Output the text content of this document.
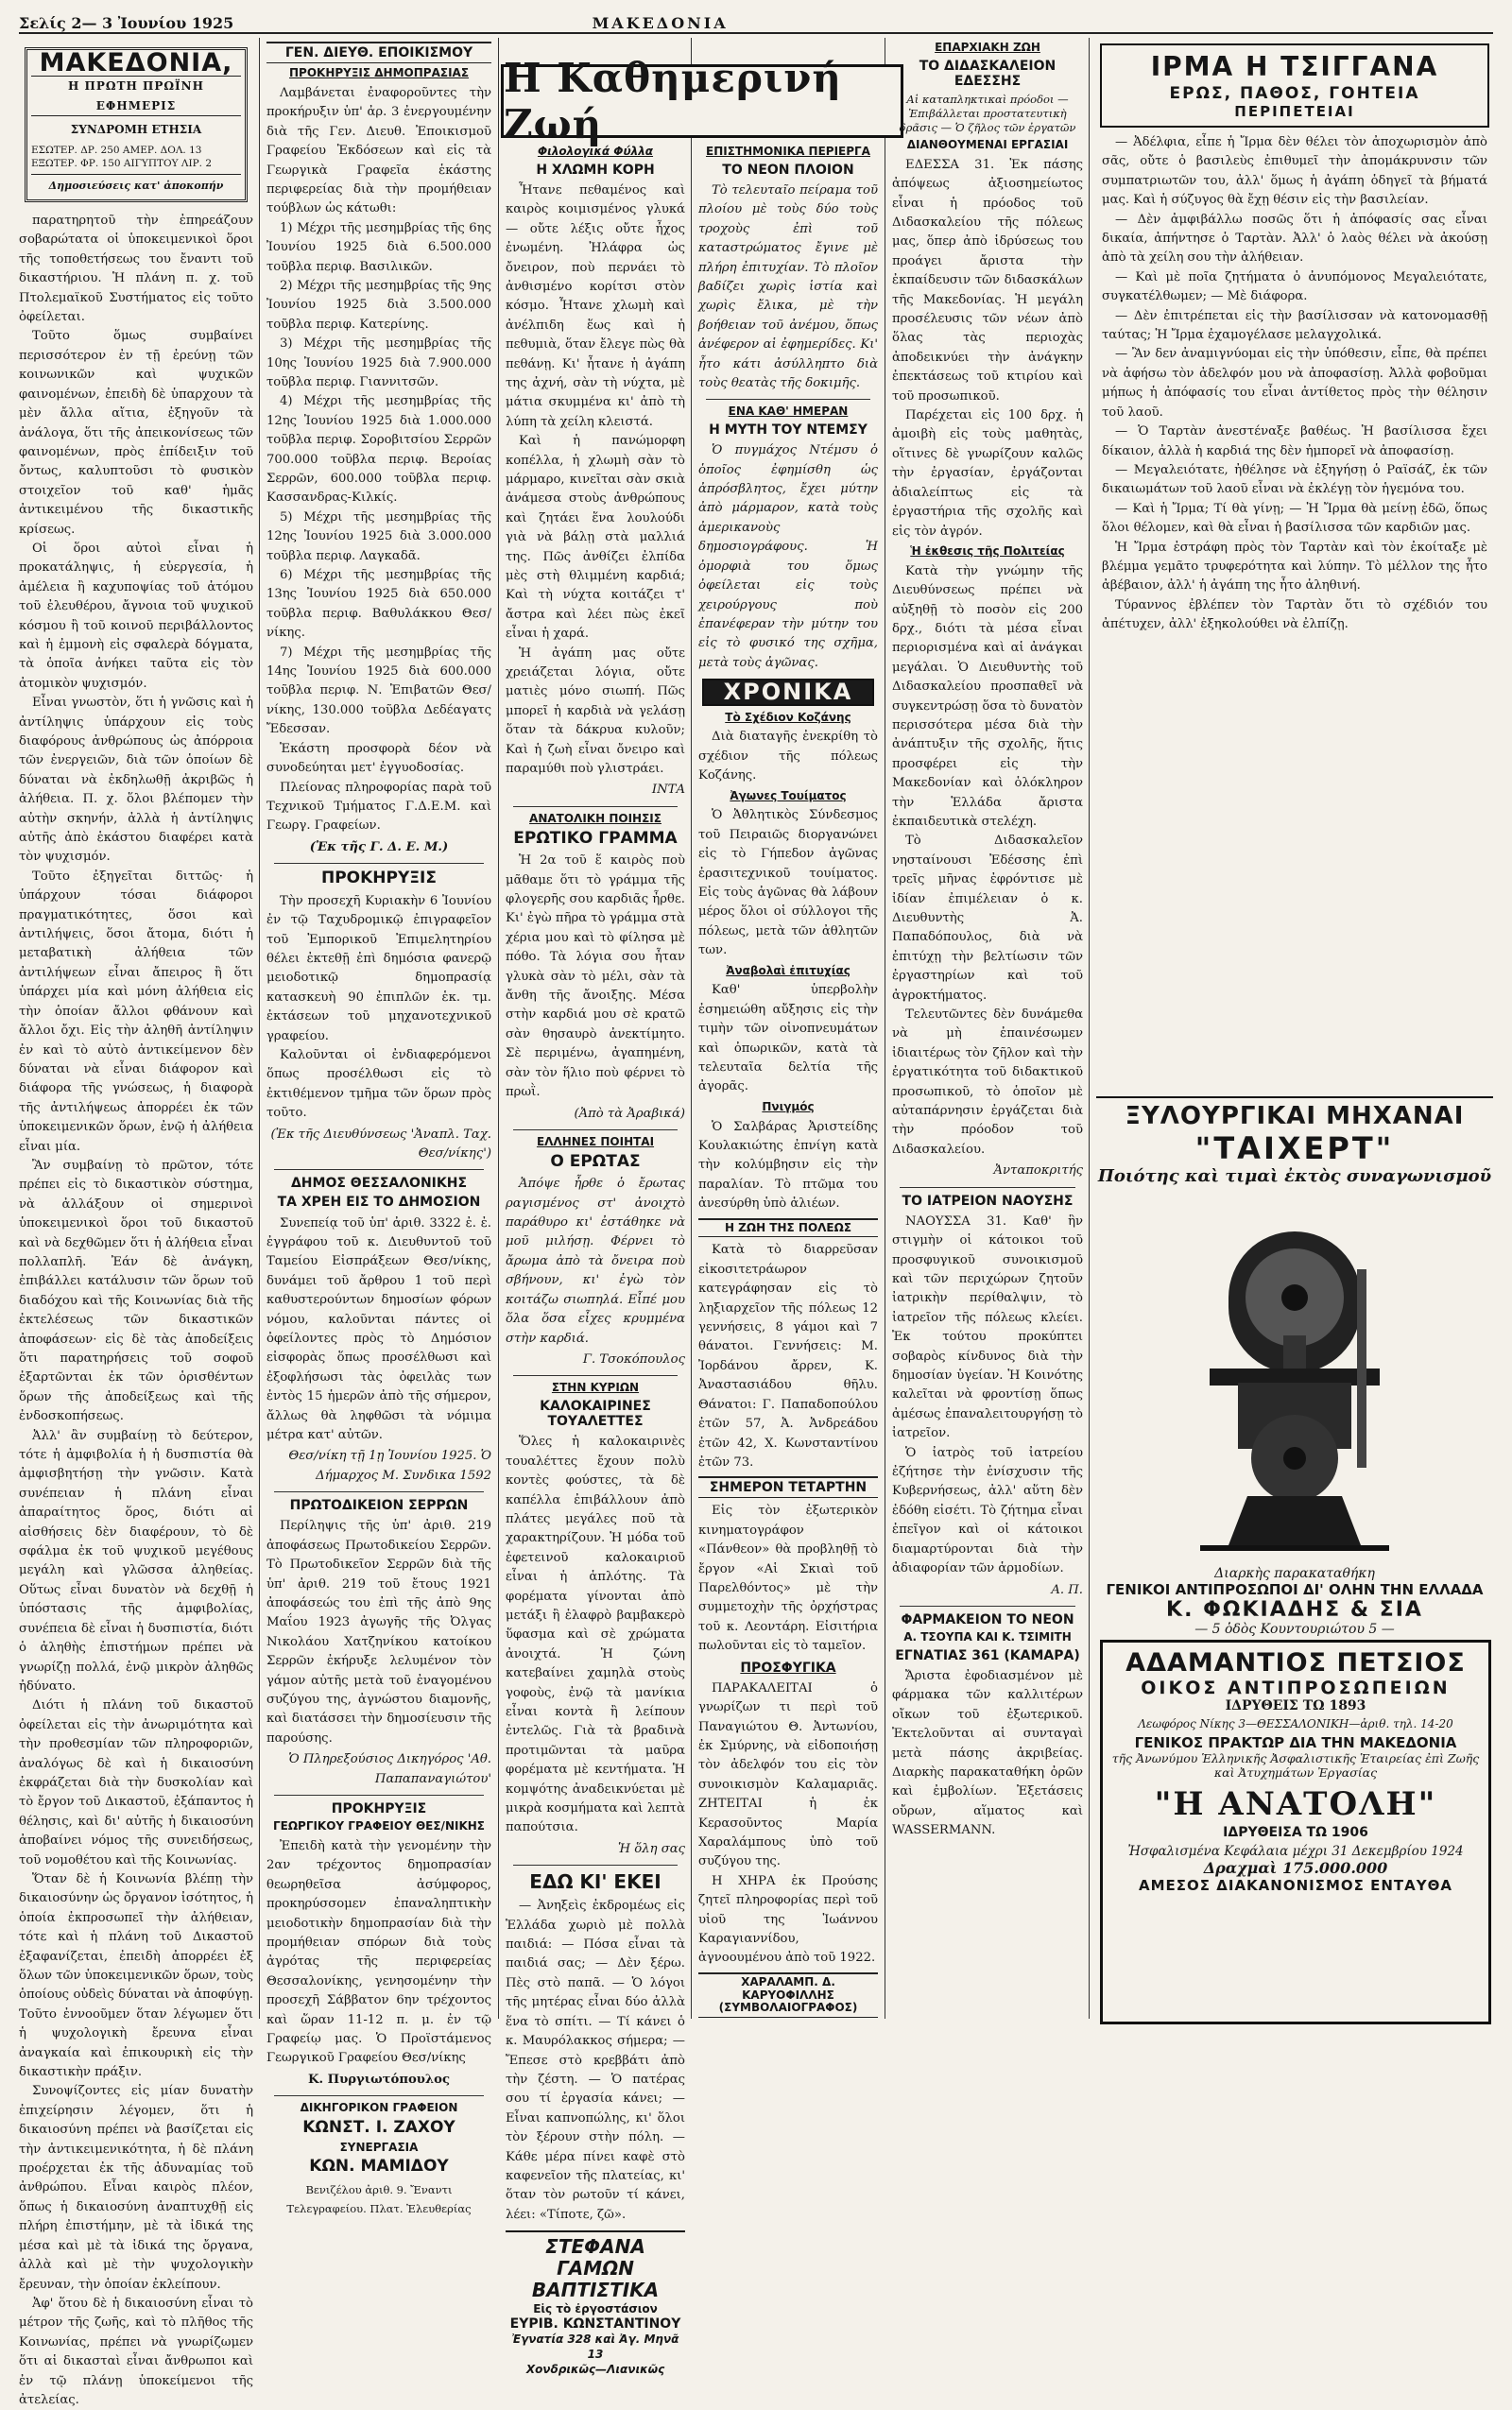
Σελίς 2— 3 Ἰουνίου 1925	ΜΑΚΕΔΟΝΙΑ
ΜΑΚΕΔΟΝΙΑ,
Η ΠΡΩΤΗ ΠΡΩΪΝΗ ΕΦΗΜΕΡΙΣ
ΣΥΝΔΡΟΜΗ ΕΤΗΣΙΑ
ΕΣΩΤΕΡ. ΔΡ. 250 ΑΜΕΡ. ΔΟΛ. 13
ΕΞΩΤΕΡ. ΦΡ. 150 ΑΙΓΥΠΤΟΥ ΛΙΡ. 2
Δημοσιεύσεις κατ' ἀποκοπήν

παρατηρητοῦ τὴν ἐπηρεάζουν σοβαρώτατα οἱ ὑποκειμενικοὶ ὅροι τῆς τοποθετήσεως του ἔναντι τοῦ δικαστήριου. Ἡ πλάνη π. χ. τοῦ Πτολεμαϊκοῦ Συστήματος εἰς τοῦτο ὀφείλεται.

Τοῦτο ὅμως συμβαίνει περισσότερον ἐν τῇ ἐρεύνῃ τῶν κοινωνικῶν καὶ ψυχικῶν φαινομένων, ἐπειδὴ δὲ ὑπαρχουν τὰ μὲν ἄλλα αἴτια, ἐξηγοῦν τὰ ἀνάλογα, ὅτι τῆς ἀπεικονίσεως τῶν φαινομένων, πρὸς ἐπίδειξιν τοῦ ὄντως, καλυπτοῦσι τὸ φυσικὸν στοιχεῖον τοῦ καθ' ἡμᾶς ἀντικειμένου τῆς δικαστικῆς κρίσεως.

Οἱ ὅροι αὐτοὶ εἶναι ἡ προκατάληψις, ἡ εὐεργεσία, ἡ ἀμέλεια ἢ καχυποψίας τοῦ ἀτόμου τοῦ ἐλευθέρου, ἄγνοια τοῦ ψυχικοῦ κόσμου ἢ τοῦ κοινοῦ περιβάλλοντος καὶ ἡ ἐμμονὴ εἰς σφαλερὰ δόγματα, τὰ ὁποῖα ἀνήκει ταῦτα εἰς τὸν ἀτομικὸν ψυχισμόν.

Εἶναι γνωστὸν, ὅτι ἡ γνῶσις καὶ ἡ ἀντίληψις ὑπάρχουν εἰς τοὺς διαφόρους ἀνθρώπους ὡς ἀπόρροια τῶν ἐνεργειῶν, διὰ τῶν ὁποίων δὲ δύναται νὰ ἐκδηλωθῇ ἀκριβῶς ἡ ἀλήθεια. Π. χ. ὅλοι βλέπομεν τὴν αὐτὴν σκηνήν, ἀλλὰ ἡ ἀντίληψις αὐτῆς ἀπὸ ἑκάστου διαφέρει κατὰ τὸν ψυχισμόν.

Τοῦτο ἐξηγεῖται διττῶς· ἡ ὑπάρχουν τόσαι διάφοροι πραγματικότητες, ὅσοι καὶ ἀντιλήψεις, ὅσοι ἄτομα, διότι ἡ μεταβατικὴ ἀλήθεια τῶν ἀντιλήψεων εἶναι ἄπειρος ἢ ὅτι ὑπάρχει μία καὶ μόνη ἀλήθεια εἰς τὴν ὁποίαν ἄλλοι φθάνουν καὶ ἄλλοι ὄχι. Εἰς τὴν ἀληθῆ ἀντίληψιν ἐν καὶ τὸ αὐτὸ ἀντικείμενον δὲν δύναται νὰ εἶναι διάφορον καὶ διάφορα τῆς γνώσεως, ἡ διαφορὰ τῆς ἀντιλήψεως ἀπορρέει ἐκ τῶν ὑποκειμενικῶν ὅρων, ἐνῷ ἡ ἀλήθεια εἶναι μία.

Ἂν συμβαίνῃ τὸ πρῶτον, τότε πρέπει εἰς τὸ δικαστικὸν σύστημα, νὰ ἀλλάξουν οἱ σημερινοὶ ὑποκειμενικοὶ ὅροι τοῦ δικαστοῦ καὶ νὰ δεχθῶμεν ὅτι ἡ ἀλήθεια εἶναι πολλαπλῆ. Ἐάν δὲ ἀνάγκη, ἐπιβάλλει κατάλυσιν τῶν ὅρων τοῦ διαδόχου καὶ τῆς Κοινωνίας διὰ τῆς ἐκτελέσεως τῶν δικαστικῶν ἀποφάσεων· εἰς δὲ τὰς ἀποδείξεις ὅτι παρατηρήσεις τοῦ σοφοῦ ἐξαρτῶνται ἐκ τῶν ὁρισθέντων ὅρων τῆς ἀποδείξεως καὶ τῆς ἐνδοσκοπήσεως.

Ἀλλ' ἂν συμβαίνῃ τὸ δεύτερον, τότε ἡ ἀμφιβολία ἡ ἡ δυσπιστία θὰ ἀμφισβητήσῃ τὴν γνῶσιν. Κατὰ συνέπειαν ἡ πλάνη εἶναι ἀπαραίτητος ὅρος, διότι αἱ αἰσθήσεις δὲν διαφέρουν, τὸ δὲ σφάλμα ἐκ τοῦ ψυχικοῦ μεγέθους μεγάλη καὶ γλῶσσα ἀληθείας. Οὕτως εἶναι δυνατὸν νὰ δεχθῇ ἡ ὑπόστασις τῆς ἀμφιβολίας, συνέπεια δὲ εἶναι ἡ δυσπιστία, διότι ὁ ἀληθὴς ἐπιστήμων πρέπει νὰ γνωρίζῃ πολλά, ἐνῷ μικρὸν ἀληθῶς ἠδύνατο.

Διότι ἡ πλάνη τοῦ δικαστοῦ ὀφείλεται εἰς τὴν ἀνωριμότητα καὶ τὴν προθεσμίαν τῶν πληροφοριῶν, ἀναλόγως δὲ καὶ ἡ δικαιοσύνη ἐκφράζεται διὰ τὴν δυσκολίαν καὶ τὸ ἔργον τοῦ Δικαστοῦ, ἐξάπαντος ἡ θέλησις, καὶ δι' αὐτῆς ἡ δικαιοσύνη ἀποβαίνει νόμος τῆς συνειδήσεως, τοῦ νομοθέτου καὶ τῆς Κοινωνίας.

Ὅταν δὲ ἡ Κοινωνία βλέπῃ τὴν δικαιοσύνην ὡς ὄργανον ἰσότητος, ἡ ὁποία ἐκπροσωπεῖ τὴν ἀλήθειαν, τότε καὶ ἡ πλάνη τοῦ Δικαστοῦ ἐξαφανίζεται, ἐπειδὴ ἀπορρέει ἐξ ὅλων τῶν ὑποκειμενικῶν ὅρων, τοὺς ὁποίους οὐδεὶς δύναται νὰ ἀποφύγῃ. Τοῦτο ἐννοοῦμεν ὅταν λέγωμεν ὅτι ἡ ψυχολογικὴ ἔρευνα εἶναι ἀναγκαία καὶ ἐπικουρικὴ εἰς τὴν δικαστικὴν πράξιν.

Συνοψίζοντες εἰς μίαν δυνατὴν ἐπιχείρησιν λέγομεν, ὅτι ἡ δικαιοσύνη πρέπει νὰ βασίζεται εἰς τὴν ἀντικειμενικότητα, ἡ δὲ πλάνη προέρχεται ἐκ τῆς ἀδυναμίας τοῦ ἀνθρώπου. Εἶναι καιρὸς πλέον, ὅπως ἡ δικαιοσύνη ἀναπτυχθῇ εἰς πλήρη ἐπιστήμην, μὲ τὰ ἰδικά της μέσα καὶ μὲ τὰ ἰδικά της ὄργανα, ἀλλὰ καὶ μὲ τὴν ψυχολογικὴν ἔρευναν, τὴν ὁποίαν ἐκλείπουν.

Ἀφ' ὅτου δὲ ἡ δικαιοσύνη εἶναι τὸ μέτρον τῆς ζωῆς, καὶ τὸ πλῆθος τῆς Κοινωνίας, πρέπει νὰ γνωρίζωμεν ὅτι αἱ δικασταὶ εἶναι ἄνθρωποι καὶ ἐν τῷ πλάνῃ ὑποκείμενοι τῆς ἀτελείας.

ΓΕΝ. ΔΙΕΥΘ. ΕΠΟΙΚΙΣΜΟΥ
ΠΡΟΚΗΡΥΞΙΣ ΔΗΜΟΠΡΑΣΙΑΣ

Λαμβάνεται ἐναφοροῦντες τὴν προκήρυξιν ὑπ' ἀρ. 3 ἐνεργουμένην διὰ τῆς Γεν. Διευθ. Ἐποικισμοῦ Γραφείου Ἐκδόσεων καὶ εἰς τὰ Γεωργικὰ Γραφεῖα ἑκάστης περιφερείας διὰ τὴν προμήθειαν τούβλων ὡς κάτωθι:

1) Μέχρι τῆς μεσημβρίας τῆς 6ης Ἰουνίου 1925 διὰ 6.500.000 τοῦβλα περιφ. Βασιλικῶν.

2) Μέχρι τῆς μεσημβρίας τῆς 9ης Ἰουνίου 1925 διὰ 3.500.000 τοῦβλα περιφ. Κατερίνης.

3) Μέχρι τῆς μεσημβρίας τῆς 10ης Ἰουνίου 1925 διὰ 7.900.000 τοῦβλα περιφ. Γιαννιτσῶν.

4) Μέχρι τῆς μεσημβρίας τῆς 12ης Ἰουνίου 1925 διὰ 1.000.000 τοῦβλα περιφ. Σοροβιτσίου Σερρῶν 700.000 τοῦβλα περιφ. Βεροίας Σερρῶν, 600.000 τοῦβλα περιφ. Κασσανδρας-Κιλκίς.

5) Μέχρι τῆς μεσημβρίας τῆς 12ης Ἰουνίου 1925 διὰ 3.000.000 τοῦβλα περιφ. Λαγκαδᾶ.

6) Μέχρι τῆς μεσημβρίας τῆς 13ης Ἰουνίου 1925 διὰ 650.000 τοῦβλα περιφ. Βαθυλάκκου Θεσ/νίκης.

7) Μέχρι τῆς μεσημβρίας τῆς 14ης Ἰουνίου 1925 διὰ 600.000 τοῦβλα περιφ. Ν. Ἐπιβατῶν Θεσ/νίκης, 130.000 τοῦβλα Δεδέαγατς Ἔδεσσαν.

Ἑκάστη προσφορὰ δέον νὰ συνοδεύηται μετ' ἐγγυοδοσίας.

Πλείονας πληροφορίας παρὰ τοῦ Τεχνικοῦ Τμήματος Γ.Δ.Ε.Μ. καὶ Γεωργ. Γραφείων.

(Ἐκ τῆς Γ. Δ. Ε. Μ.)
ΠΡΟΚΗΡΥΞΙΣ

Τὴν προσεχῆ Κυριακὴν 6 Ἰουνίου ἐν τῷ Ταχυδρομικῷ ἐπιγραφεῖον τοῦ Ἐμπορικοῦ Ἐπιμελητηρίου θέλει ἐκτεθῇ ἐπὶ δημόσια φανερῷ μειοδοτικῷ δημοπρασίᾳ κατασκευὴ 90 ἐπιπλῶν ἑκ. τμ. ἐκτάσεων τοῦ μηχανοτεχνικοῦ γραφείου.

Καλοῦνται οἱ ἐνδιαφερόμενοι ὅπως προσέλθωσι εἰς τὸ ἐκτιθέμενον τμῆμα τῶν ὅρων πρὸς τοῦτο.

(Ἐκ τῆς Διευθύνσεως 'Ἀναπλ. Ταχ. Θεσ/νίκης')
ΔΗΜΟΣ ΘΕΣΣΑΛΟΝΙΚΗΣ
ΤΑ ΧΡΕΗ ΕΙΣ ΤΟ ΔΗΜΟΣΙΟΝ

Συνεπείᾳ τοῦ ὑπ' ἀριθ. 3322 ἐ. ἐ. ἐγγράφου τοῦ κ. Διευθυντοῦ τοῦ Ταμείου Εἰσπράξεων Θεσ/νίκης, δυνάμει τοῦ ἄρθρου 1 τοῦ περὶ καθυστερούντων δημοσίων φόρων νόμου, καλοῦνται πάντες οἱ ὀφείλοντες πρὸς τὸ Δημόσιον εἰσφορὰς ὅπως προσέλθωσι καὶ ἐξοφλήσωσι τὰς ὀφειλὰς των ἐντὸς 15 ἡμερῶν ἀπὸ τῆς σήμερον, ἄλλως θὰ ληφθῶσι τὰ νόμιμα μέτρα κατ' αὐτῶν.

Θεσ/νίκη τῇ 1ῃ Ἰουνίου 1925. Ὁ Δήμαρχος Μ. Συνδικα 1592
ΠΡΩΤΟΔΙΚΕΙΟΝ ΣΕΡΡΩΝ

Περίληψις τῆς ὑπ' ἀριθ. 219 ἀποφάσεως Πρωτοδικείου Σερρῶν. Τὸ Πρωτοδικεῖον Σερρῶν διὰ τῆς ὑπ' ἀριθ. 219 τοῦ ἔτους 1921 ἀποφάσεώς του ἐπὶ τῆς ἀπὸ 9ης Μαΐου 1923 ἀγωγῆς τῆς Ὀλγας Νικολάου Χατζηνίκου κατοίκου Σερρῶν ἐκήρυξε λελυμένον τὸν γάμον αὐτῆς μετὰ τοῦ ἐναγομένου συζύγου της, ἀγνώστου διαμονῆς, καὶ διατάσσει τὴν δημοσίευσιν τῆς παρούσης.

Ὁ Πληρεξούσιος Δικηγόρος 'Αθ. Παπαπαναγιώτου'
ΠΡΟΚΗΡΥΞΙΣ
ΓΕΩΡΓΙΚΟΥ ΓΡΑΦΕΙΟΥ ΘΕΣ/ΝΙΚΗΣ

Ἐπειδὴ κατὰ τὴν γενομένην τὴν 2αν τρέχοντος δημοπρασίαν θεωρηθεῖσα ἀσύμφορος, προκηρύσσομεν ἐπαναληπτικὴν μειοδοτικὴν δημοπρασίαν διὰ τὴν προμήθειαν σπόρων διὰ τοὺς ἀγρότας τῆς περιφερείας Θεσσαλονίκης, γενησομένην τὴν προσεχῆ Σάββατον 6ην τρέχοντος καὶ ὥραν 11-12 π. μ. ἐν τῷ Γραφείῳ μας. Ὁ Προϊστάμενος Γεωργικοῦ Γραφείου Θεσ/νίκης

Κ. Πυργιωτόπουλος
ΔΙΚΗΓΟΡΙΚΟΝ ΓΡΑΦΕΙΟΝ
ΚΩΝΣΤ. Ι. ΖΑΧΟΥ
ΣΥΝΕΡΓΑΣΙΑ
ΚΩΝ. ΜΑΜΙΔΟΥ
Βενιζέλου ἀριθ. 9. Ἔναντι Τελεγραφείου. Πλατ. Ἐλευθερίας
Η Καθημερινή Ζωή
Φιλολογικά Φύλλα
Η ΧΛΩΜΗ ΚΟΡΗ

Ἦτανε πεθαμένος καὶ καιρὸς κοιμισμένος γλυκά— οὔτε λέξις οὔτε ἦχος ἐνωμένη. Ἠλάφρα ὡς ὄνειρον, ποὺ περνάει τὸ ἀνθισμένο κορίτσι στὸν κόσμο. Ἦτανε χλωμὴ καὶ ἀνέλπιδη ἕως καὶ ἡ πεθυμιὰ, ὅταν ἔλεγε πὼς θὰ πεθάνῃ. Κι' ἦτανε ἡ ἀγάπη της ἀχνή, σὰν τὴ νύχτα, μὲ μάτια σκυμμένα κι' ἀπὸ τὴ λύπη τὰ χείλη κλειστά.

Καὶ ἡ πανώμορφη κοπέλλα, ἡ χλωμὴ σὰν τὸ μάρμαρο, κινεῖται σὰν σκιὰ ἀνάμεσα στοὺς ἀνθρώπους καὶ ζητάει ἕνα λουλούδι γιὰ νὰ βάλῃ στὰ μαλλιά της. Πῶς ἀνθίζει ἐλπίδα μὲς στὴ θλιμμένη καρδιά; Καὶ τὴ νύχτα κοιτάζει τ' ἄστρα καὶ λέει πὼς ἐκεῖ εἶναι ἡ χαρά.

Ἡ ἀγάπη μας οὔτε χρειάζεται λόγια, οὔτε ματιὲς μόνο σιωπή. Πῶς μπορεῖ ἡ καρδιὰ νὰ γελάσῃ ὅταν τὰ δάκρυα κυλοῦν; Καὶ ἡ ζωὴ εἶναι ὄνειρο καὶ παραμύθι ποὺ γλιστράει.

ΙΝΤΑ
ΑΝΑΤΟΛΙΚΗ ΠΟΙΗΣΙΣ
ΕΡΩΤΙΚΟ ΓΡΑΜΜΑ

Ἡ 2α τοῦ ἕ καιρὸς ποὺ μᾶθαμε ὅτι τὸ γράμμα τῆς φλογερῆς σου καρδιᾶς ἦρθε. Κι' ἐγὼ πῆρα τὸ γράμμα στὰ χέρια μου καὶ τὸ φίλησα μὲ πόθο. Τὰ λόγια σου ἦταν γλυκὰ σὰν τὸ μέλι, σὰν τὰ ἄνθη τῆς ἄνοιξης. Μέσα στὴν καρδιά μου σὲ κρατῶ σὰν θησαυρὸ ἀνεκτίμητο. Σὲ περιμένω, ἀγαπημένη, σὰν τὸν ἥλιο ποὺ φέρνει τὸ πρωῒ.

(Ἀπὸ τὰ Ἀραβικά)
ΕΛΛΗΝΕΣ ΠΟΙΗΤΑΙ
Ο ΕΡΩΤΑΣ

Ἀπόψε ἦρθε ὁ ἔρωτας ραγισμένος στ' ἀνοιχτὸ παράθυρο κι' ἐστάθηκε νὰ μοῦ μιλήσῃ. Φέρνει τὸ ἄρωμα ἀπὸ τὰ ὄνειρα ποὺ σβήνουν, κι' ἐγὼ τὸν κοιτάζω σιωπηλά. Εἶπέ μου ὅλα ὅσα εἶχες κρυμμένα στὴν καρδιά.

Γ. Τσοκόπουλος
ΣΤΗΝ ΚΥΡΙΩΝ
ΚΑΛΟΚΑΙΡΙΝΕΣ ΤΟΥΑΛΕΤΤΕΣ

Ὅλες ἡ καλοκαιρινὲς τουαλέττες ἔχουν πολὺ κοντὲς φούστες, τὰ δὲ καπέλλα ἐπιβάλλουν ἀπὸ πλάτες μεγάλες ποῦ τὰ χαρακτηρίζουν. Ἡ μόδα τοῦ ἑφετεινοῦ καλοκαιριοῦ εἶναι ἡ ἁπλότης. Τὰ φορέματα γίνονται ἀπὸ μετάξι ἢ ἐλαφρὸ βαμβακερὸ ὕφασμα καὶ σὲ χρώματα ἀνοιχτά. Ἡ ζώνη κατεβαίνει χαμηλὰ στοὺς γοφοὺς, ἐνῷ τὰ μανίκια εἶναι κοντὰ ἢ λείπουν ἐντελῶς. Γιὰ τὰ βραδινὰ προτιμῶνται τὰ μαῦρα φορέματα μὲ κεντήματα. Ἡ κομψότης ἀναδεικνύεται μὲ μικρὰ κοσμήματα καὶ λεπτὰ παπούτσια.

Ἡ ὅλη σας
ΕΔΩ ΚΙ' ΕΚΕΙ

— Ἀνηξεὶς ἐκδρομέως εἰς Ἑλλάδα χωριὸ μὲ πολλὰ παιδιά: — Πόσα εἶναι τὰ παιδιά σας; — Δὲν ξέρω. Πὲς στὸ παπᾶ. — Ὁ λόγοι τῆς μητέρας εἶναι δύο ἀλλὰ ἕνα τὸ σπίτι. — Τί κάνει ὁ κ. Μαυρόλακκος σήμερα; — Ἔπεσε στὸ κρεββάτι ἀπὸ τὴν ζέστη. — Ὁ πατέρας σου τί ἐργασία κάνει; — Εἶναι καπνοπώλης, κι' ὅλοι τὸν ξέρουν στὴν πόλη. — Κάθε μέρα πίνει καφὲ στὸ καφενεῖον τῆς πλατείας, κι' ὅταν τὸν ρωτοῦν τί κάνει, λέει: «Τίποτε, ζῶ».

ΣΤΕΦΑΝΑ ΓΑΜΩΝ
ΒΑΠΤΙΣΤΙΚΑ
Εἰς τὸ ἐργοστάσιον
ΕΥΡΙΒ. ΚΩΝΣΤΑΝΤΙΝΟΥ
Ἐγνατία 328 καὶ Ἀγ. Μηνᾶ 13
Χονδρικῶς—Λιανικῶς
ΕΠΙΣΤΗΜΟΝΙΚΑ ΠΕΡΙΕΡΓΑ
ΤΟ ΝΕΟΝ ΠΛΟΙΟΝ

Τὸ τελευταῖο πείραμα τοῦ πλοίου μὲ τοὺς δύο τοὺς τροχοὺς ἐπὶ τοῦ καταστρώματος ἔγινε μὲ πλήρη ἐπιτυχίαν. Τὸ πλοῖον βαδίζει χωρὶς ἱστία καὶ χωρὶς ἔλικα, μὲ τὴν βοήθειαν τοῦ ἀνέμου, ὅπως ἀνέφερον αἱ ἐφημερίδες. Κι' ἦτο κάτι ἀσύλληπτο διὰ τοὺς θεατὰς τῆς δοκιμῆς.

ΕΝΑ ΚΑΘ' ΗΜΕΡΑΝ
Η ΜΥΤΗ ΤΟΥ ΝΤΕΜΣΥ

Ὁ πυγμάχος Ντέμσυ ὁ ὁποῖος ἐφημίσθη ὡς ἀπρόσβλητος, ἔχει μύτην ἀπὸ μάρμαρον, κατὰ τοὺς ἀμερικανοὺς δημοσιογράφους. Ἡ ὀμορφιὰ του ὅμως ὀφείλεται εἰς τοὺς χειρούργους ποὺ ἐπανέφεραν τὴν μύτην του εἰς τὸ φυσικό της σχῆμα, μετὰ τοὺς ἀγῶνας.

ΧΡΟΝΙΚΑ
Τὸ Σχέδιον Κοζάνης

Διὰ διαταγῆς ἐνεκρίθη τὸ σχέδιον τῆς πόλεως Κοζάνης.

Ἀγωνες Τουίματος

Ὁ Ἀθλητικὸς Σύνδεσμος τοῦ Πειραιῶς διοργανώνει εἰς τὸ Γήπεδον ἀγῶνας ἐρασιτεχνικοῦ τουίματος. Εἰς τοὺς ἀγῶνας θὰ λάβουν μέρος ὅλοι οἱ σύλλογοι τῆς πόλεως, μετὰ τῶν ἀθλητῶν των.

Ἀναβολαὶ ἐπιτυχίας

Καθ' ὑπερβολὴν ἐσημειώθη αὔξησις εἰς τὴν τιμὴν τῶν οἰνοπνευμάτων καὶ ὀπωρικῶν, κατὰ τὰ τελευταῖα δελτία τῆς ἀγορᾶς.

Πνιγμός

Ὁ Σαλβάρας Ἀριστείδης Κουλακιώτης ἐπνίγη κατὰ τὴν κολύμβησιν εἰς τὴν παραλίαν. Τὸ πτῶμα του ἀνεσύρθη ὑπὸ ἀλιέων.

Η ΖΩΗ ΤΗΣ ΠΟΛΕΩΣ

Κατὰ τὸ διαρρεῦσαν εἰκοσιτετράωρον κατεγράφησαν εἰς τὸ ληξιαρχεῖον τῆς πόλεως 12 γεννήσεις, 8 γάμοι καὶ 7 θάνατοι. Γεννήσεις: Μ. Ἰορδάνου ἄρρεν, Κ. Ἀναστασιάδου θῆλυ. Θάνατοι: Γ. Παπαδοπούλου ἐτῶν 57, Ἀ. Ἀνδρεάδου ἐτῶν 42, Χ. Κωνσταντίνου ἐτῶν 73.

ΣΗΜΕΡΟΝ ΤΕΤΑΡΤΗΝ

Εἰς τὸν ἐξωτερικὸν κινηματογράφον «Πάνθεον» θὰ προβληθῇ τὸ ἔργον «Αἱ Σκιαὶ τοῦ Παρελθόντος» μὲ τὴν συμμετοχὴν τῆς ὀρχήστρας τοῦ κ. Λεοντάρη. Εἰσιτήρια πωλοῦνται εἰς τὸ ταμεῖον.

ΠΡΟΣΦΥΓΙΚΑ

ΠΑΡΑΚΑΛΕΙΤΑΙ ὁ γνωρίζων τι περὶ τοῦ Παναγιώτου Θ. Ἀντωνίου, ἐκ Σμύρνης, νὰ εἰδοποιήσῃ τὸν ἀδελφόν του εἰς τὸν συνοικισμὸν Καλαμαριᾶς. ΖΗΤΕΙΤΑΙ ἡ ἐκ Κερασοῦντος Μαρία Χαραλάμπους ὑπὸ τοῦ συζύγου της.

Η ΧΗΡΑ ἐκ Προύσης ζητεῖ πληροφορίας περὶ τοῦ υἱοῦ της Ἰωάννου Καραγιαννίδου, ἀγνοουμένου ἀπὸ τοῦ 1922.

ΧΑΡΑΛΑΜΠ. Δ. ΚΑΡΥΟΦΙΛΛΗΣ (ΣΥΜΒΟΛΑΙΟΓΡΑΦΟΣ)
ΕΠΑΡΧΙΑΚΗ ΖΩΗ
ΤΟ ΔΙΔΑΣΚΑΛΕΙΟΝ ΕΔΕΣΣΗΣ
Αἱ καταπληκτικαὶ πρόοδοι — Ἐπιβάλλεται προστατευτικὴ δρᾶσις — Ὁ ζῆλος τῶν ἐργατῶν
ΔΙΑΝΘΟΥΜΕΝΑΙ ΕΡΓΑΣΙΑΙ

ΕΔΕΣΣΑ 31. Ἐκ πάσης ἀπόψεως ἀξιοσημείωτος εἶναι ἡ πρόοδος τοῦ Διδασκαλείου τῆς πόλεως μας, ὅπερ ἀπὸ ἱδρύσεως του προάγει ἄριστα τὴν ἐκπαίδευσιν τῶν διδασκάλων τῆς Μακεδονίας. Ἡ μεγάλη προσέλευσις τῶν νέων ἀπὸ ὅλας τὰς περιοχὰς ἀποδεικνύει τὴν ἀνάγκην ἐπεκτάσεως τοῦ κτιρίου καὶ τοῦ προσωπικοῦ.

Παρέχεται εἰς 100 δρχ. ἡ ἀμοιβὴ εἰς τοὺς μαθητὰς, οἵτινες δὲ γνωρίζουν καλῶς τὴν ἐργασίαν, ἐργάζονται ἀδιαλείπτως εἰς τὰ ἐργαστήρια τῆς σχολῆς καὶ εἰς τὸν ἀγρόν.

Ἡ ἐκθεσις τῆς Πολιτείας

Κατὰ τὴν γνώμην τῆς Διευθύνσεως πρέπει νὰ αὐξηθῇ τὸ ποσὸν εἰς 200 δρχ., διότι τὰ μέσα εἶναι περιορισμένα καὶ αἱ ἀνάγκαι μεγάλαι. Ὁ Διευθυντὴς τοῦ Διδασκαλείου προσπαθεῖ νὰ συγκεντρώσῃ ὅσα τὸ δυνατὸν περισσότερα μέσα διὰ τὴν ἀνάπτυξιν τῆς σχολῆς, ἥτις προσφέρει εἰς τὴν Μακεδονίαν καὶ ὁλόκληρον τὴν Ἑλλάδα ἄριστα ἐκπαιδευτικὰ στελέχη.

Τὸ Διδασκαλεῖον νησταίνουσι Ἐδέσσης ἐπὶ τρεῖς μῆνας ἐφρόντισε μὲ ἰδίαν ἐπιμέλειαν ὁ κ. Διευθυντὴς Ἀ. Παπαδόπουλος, διὰ νὰ ἐπιτύχῃ τὴν βελτίωσιν τῶν ἐργαστηρίων καὶ τοῦ ἀγροκτήματος.

Τελευτῶντες δὲν δυνάμεθα νὰ μὴ ἐπαινέσωμεν ἰδιαιτέρως τὸν ζῆλον καὶ τὴν ἐργατικότητα τοῦ διδακτικοῦ προσωπικοῦ, τὸ ὁποῖον μὲ αὐταπάρνησιν ἐργάζεται διὰ τὴν πρόοδον τοῦ Διδασκαλείου.

Ἀνταποκριτής
ΤΟ ΙΑΤΡΕΙΟΝ ΝΑΟΥΣΗΣ

ΝΑΟΥΣΣΑ 31. Καθ' ἣν στιγμὴν οἱ κάτοικοι τοῦ προσφυγικοῦ συνοικισμοῦ καὶ τῶν περιχώρων ζητοῦν ἰατρικὴν περίθαλψιν, τὸ ἰατρεῖον τῆς πόλεως κλείει. Ἐκ τούτου προκύπτει σοβαρὸς κίνδυνος διὰ τὴν δημοσίαν ὑγείαν. Ἡ Κοινότης καλεῖται νὰ φροντίσῃ ὅπως ἀμέσως ἐπαναλειτουργήσῃ τὸ ἰατρεῖον.

Ὁ ἰατρὸς τοῦ ἰατρείου ἐζήτησε τὴν ἐνίσχυσιν τῆς Κυβερνήσεως, ἀλλ' αὕτη δὲν ἐδόθη εἰσέτι. Τὸ ζήτημα εἶναι ἐπεῖγον καὶ οἱ κάτοικοι διαμαρτύρονται διὰ τὴν ἀδιαφορίαν τῶν ἁρμοδίων.

Α. Π.
ΦΑΡΜΑΚΕΙΟΝ ΤΟ ΝΕΟΝ
Α. ΤΣΟΥΠΑ ΚΑΙ Κ. ΤΣΙΜΙΤΗ
ΕΓΝΑΤΙΑΣ 361 (ΚΑΜΑΡΑ)

Ἄριστα ἐφοδιασμένον μὲ φάρμακα τῶν καλλιτέρων οἴκων τοῦ ἐξωτερικοῦ. Ἐκτελοῦνται αἱ συνταγαὶ μετὰ πάσης ἀκριβείας. Διαρκὴς παρακαταθήκη ὀρῶν καὶ ἐμβολίων. Ἐξετάσεις οὔρων, αἵματος καὶ WASSERMANN.

ΙΡΜΑ Η ΤΣΙΓΓΑΝΑ
ΕΡΩΣ, ΠΑΘΟΣ, ΓΟΗΤΕΙΑ
ΠΕΡΙΠΕΤΕΙΑΙ

— Ἀδέλφια, εἶπε ἡ Ἴρμα δὲν θέλει τὸν ἀποχωρισμὸν ἀπὸ σᾶς, οὔτε ὁ βασιλεὺς ἐπιθυμεῖ τὴν ἀπομάκρυνσιν τῶν συμπατριωτῶν του, ἀλλ' ὅμως ἡ ἀγάπη ὁδηγεῖ τὰ βήματά μας. Καὶ ἡ σύζυγος θὰ ἔχῃ θέσιν εἰς τὴν βασιλείαν.

— Δὲν ἀμφιβάλλω ποσῶς ὅτι ἡ ἀπόφασίς σας εἶναι δικαία, ἀπήντησε ὁ Ταρτὰν. Ἀλλ' ὁ λαὸς θέλει νὰ ἀκούσῃ ἀπὸ τὰ χείλη σου τὴν ἀλήθειαν.

— Καὶ μὲ ποῖα ζητήματα ὁ ἀνυπόμονος Μεγαλειότατε, συγκατέλθωμεν; — Μὲ διάφορα.

— Δὲν ἐπιτρέπεται εἰς τὴν βασίλισσαν νὰ κατονομασθῇ ταύτας; Ἡ Ἴρμα ἐχαμογέλασε μελαγχολικά.

— Ἂν δεν ἀναμιγνύομαι εἰς τὴν ὑπόθεσιν, εἶπε, θὰ πρέπει νὰ ἀφήσω τὸν ἀδελφόν μου νὰ ἀποφασίσῃ. Ἀλλὰ φοβοῦμαι μήπως ἡ ἀπόφασίς του εἶναι ἀντίθετος πρὸς τὴν θέλησιν τοῦ λαοῦ.

— Ὁ Ταρτὰν ἀνεστέναξε βαθέως. Ἡ βασίλισσα ἔχει δίκαιον, ἀλλὰ ἡ καρδιά της δὲν ἠμπορεῖ νὰ ἀποφασίσῃ.

— Μεγαλειότατε, ἠθέλησε νὰ ἐξηγήσῃ ὁ Ραϊσάζ, ἐκ τῶν δικαιωμάτων τοῦ λαοῦ εἶναι νὰ ἐκλέγῃ τὸν ἡγεμόνα του.

— Καὶ ἡ Ἴρμα; Τί θὰ γίνῃ; — Ἡ Ἴρμα θὰ μείνῃ ἐδῶ, ὅπως ὅλοι θέλομεν, καὶ θὰ εἶναι ἡ βασίλισσα τῶν καρδιῶν μας.

Ἡ Ἴρμα ἐστράφη πρὸς τὸν Ταρτὰν καὶ τὸν ἐκοίταξε μὲ βλέμμα γεμᾶτο τρυφερότητα καὶ λύπην. Τὸ μέλλον της ἦτο ἀβέβαιον, ἀλλ' ἡ ἀγάπη της ἦτο ἀληθινή.

Τύραννος ἐβλέπεν τὸν Ταρτὰν ὅτι τὸ σχέδιόν του ἀπέτυχεν, ἀλλ' ἐξηκολούθει νὰ ἐλπίζῃ.

ΞΥΛΟΥΡΓΙΚΑΙ ΜΗΧΑΝΑΙ
"ΤΑΙΧΕΡΤ"
Ποιότης καὶ τιμαὶ ἐκτὸς συναγωνισμοῦ
Διαρκὴς παρακαταθήκη
ΓΕΝΙΚΟΙ ΑΝΤΙΠΡΟΣΩΠΟΙ ΔΙ' ΟΛΗΝ ΤΗΝ ΕΛΛΑΔΑ
Κ. ΦΩΚΙΑΔΗΣ & ΣΙΑ
— 5 ὁδὸς Κουντουριώτου 5 —
ΑΔΑΜΑΝΤΙΟΣ ΠΕΤΣΙΟΣ
ΟΙΚΟΣ ΑΝΤΙΠΡΟΣΩΠΕΙΩΝ
ΙΔΡΥΘΕΙΣ ΤΩ 1893
Λεωφόρος Νίκης 3—ΘΕΣΣΑΛΟΝΙΚΗ—ἀριθ. τηλ. 14-20
ΓΕΝΙΚΟΣ ΠΡΑΚΤΩΡ ΔΙΑ ΤΗΝ ΜΑΚΕΔΟΝΙΑ
τῆς Ἀνωνύμου Ἑλληνικῆς Ἀσφαλιστικῆς Ἑταιρείας ἐπὶ Ζωῆς καὶ Ἀτυχημάτων Ἐργασίας
"Η ΑΝΑΤΟΛΗ"
ΙΔΡΥΘΕΙΣΑ ΤΩ 1906
Ἠσφαλισμένα Κεφάλαια μέχρι 31 Δεκεμβρίου 1924
Δραχμαὶ 175.000.000
ΑΜΕΣΟΣ ΔΙΑΚΑΝΟΝΙΣΜΟΣ ΕΝΤΑΥΘΑ
